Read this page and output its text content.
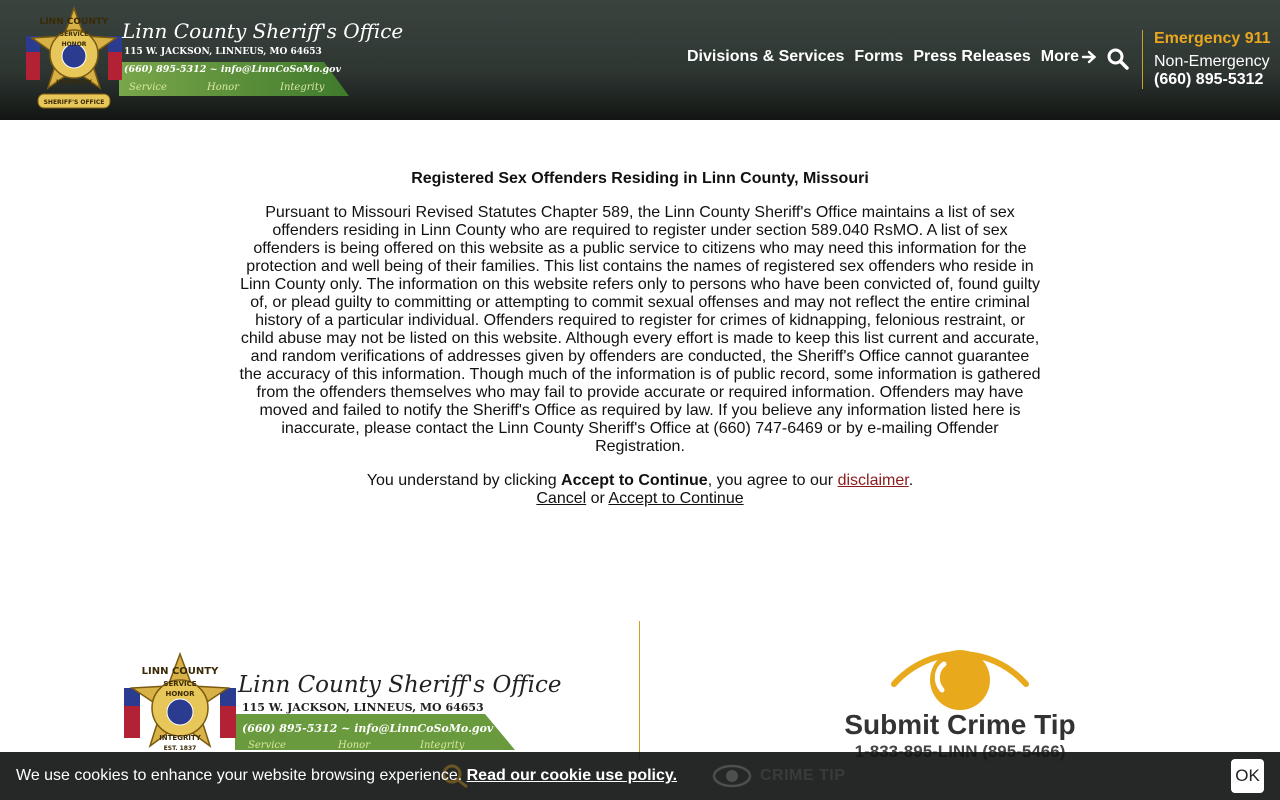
LINN COUNTY
SERVICE
HONOR
INTEGRITY
SHERIFF'S OFFICE
Linn County Sheriff's Office
115 W. JACKSON, LINNEUS, MO 64653
(660) 895-5312 ~ info@LinnCoSoMo.gov
Service	Honor	Integrity
Divisions & Services Forms Press Releases More
Emergency 911
Non-Emergency
(660) 895-5312
Registered Sex Offenders Residing in Linn County, Missouri

Pursuant to Missouri Revised Statutes Chapter 589, the Linn County Sheriff's Office maintains a list of sex offenders residing in Linn County who are required to register under section 589.040 RsMO. A list of sex offenders is being offered on this website as a public service to citizens who may need this information for the protection and well being of their families. This list contains the names of registered sex offenders who reside in Linn County only. The information on this website refers only to persons who have been convicted of, found guilty of, or plead guilty to committing or attempting to commit sexual offenses and may not reflect the entire criminal history of a particular individual. Offenders required to register for crimes of kidnapping, felonious restraint, or child abuse may not be listed on this website. Although every effort is made to keep this list current and accurate, and random verifications of addresses given by offenders are conducted, the Sheriff's Office cannot guarantee the accuracy of this information. Though much of the information is of public record, some information is gathered from the offenders themselves who may fail to provide accurate or required information. Offenders may have moved and failed to notify the Sheriff's Office as required by law. If you believe any information listed here is inaccurate, please contact the Linn County Sheriff's Office at (660) 747-6469 or by e-mailing Offender Registration.

You understand by clicking Accept to Continue, you agree to our disclaimer.
Cancel or Accept to Continue
LINN COUNTY
SERVICE
HONOR
INTEGRITY
EST. 1837
Linn County Sheriff's Office
115 W. JACKSON, LINNEUS, MO 64653
(660) 895-5312 ~ info@LinnCoSoMo.gov
Service	Honor	Integrity
Submit Crime Tip
CRIME TIP
We use cookies to enhance your website browsing experience. Read our cookie use policy.	OK
